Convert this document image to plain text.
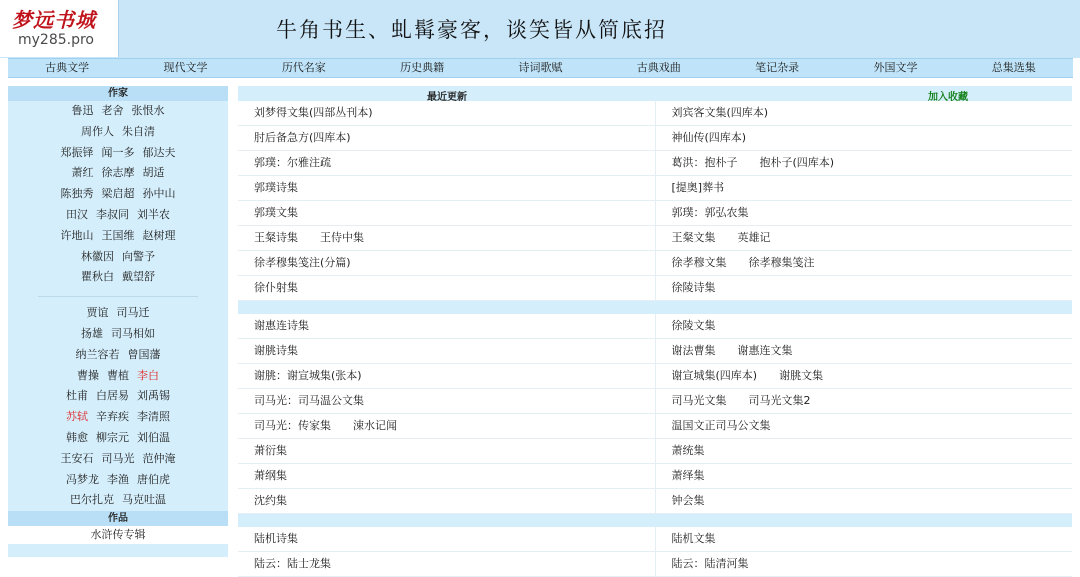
梦远书城
my285.pro	牛角书生、虬髯豪客，谈笑皆从简底招
古典文学	现代文学	历代名家	历史典籍	诗词歌赋	古典戏曲	笔记杂录	外国文学	总集选集
作家
鲁迅 老舍 张恨水
周作人 朱自清
郑振铎 闻一多 郁达夫
萧红 徐志摩 胡适
陈独秀 梁启超 孙中山
田汉 李叔同 刘半农
许地山 王国维 赵树理
林徽因 向警予
瞿秋白 戴望舒
贾谊 司马迁
扬雄 司马相如
纳兰容若 曾国藩
曹操 曹植 李白
杜甫 白居易 刘禹锡
苏轼 辛弃疾 李清照
韩愈 柳宗元 刘伯温
王安石 司马光 范仲淹
冯梦龙 李渔 唐伯虎
巴尔扎克 马克吐温
作品
水浒传专辑
最近更新	加入收藏
刘梦得文集(四部丛刊本)	刘宾客文集(四库本)
肘后备急方(四库本)	神仙传(四库本)
郭璞：尔雅注疏	葛洪：抱朴子 抱朴子(四库本)
郭璞诗集	[提奥]葬书
郭璞文集	郭璞：郭弘农集
王粲诗集 王侍中集	王粲文集 英雄记
徐孝穆集笺注(分篇)	徐孝穆文集 徐孝穆集笺注
徐仆射集	徐陵诗集
谢惠连诗集	徐陵文集
谢朓诗集	谢法曹集 谢惠连文集
谢朓：谢宣城集(张本)	谢宣城集(四库本) 谢朓文集
司马光：司马温公文集	司马光文集 司马光文集2
司马光：传家集 涑水记闻	温国文正司马公文集
萧衍集	萧统集
萧纲集	萧绎集
沈约集	钟会集
陆机诗集	陆机文集
陆云：陆士龙集	陆云：陆清河集
